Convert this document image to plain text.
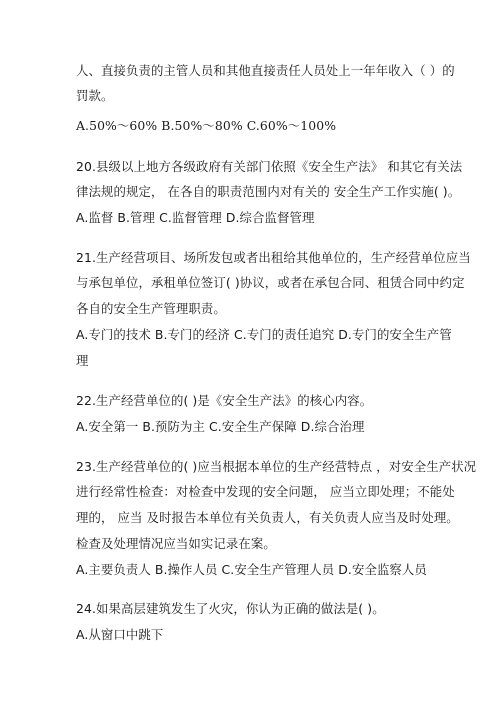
人、直接负责的主管人员和其他直接责任人员处上一年年收入（ ）的
罚款。
A.50%～60% B.50%～80% C.60%～100%
20.县级以上地方各级政府有关部门依照《安全生产法》 和其它有关法
律法规的规定， 在各自的职责范围内对有关的 安全生产工作实施( )。
A.监督 B.管理 C.监督管理 D.综合监督管理
21.生产经营项目、场所发包或者出租给其他单位的，生产经营单位应当
与承包单位，承租单位签订( )协议，或者在承包合同、租赁合同中约定
各自的安全生产管理职责。
A.专门的技术 B.专门的经济 C.专门的责任追究 D.专门的安全生产管
理
22.生产经营单位的( )是《安全生产法》的核心内容。
A.安全第一 B.预防为主 C.安全生产保障 D.综合治理
23.生产经营单位的( )应当根据本单位的生产经营特点 ，对安全生产状况
进行经常性检查：对检查中发现的安全问题， 应当立即处理；不能处
理的， 应当 及时报告本单位有关负责人，有关负责人应当及时处理。
检查及处理情况应当如实记录在案。
A.主要负责人 B.操作人员 C.安全生产管理人员 D.安全监察人员
24.如果高层建筑发生了火灾，你认为正确的做法是( )。
A.从窗口中跳下
